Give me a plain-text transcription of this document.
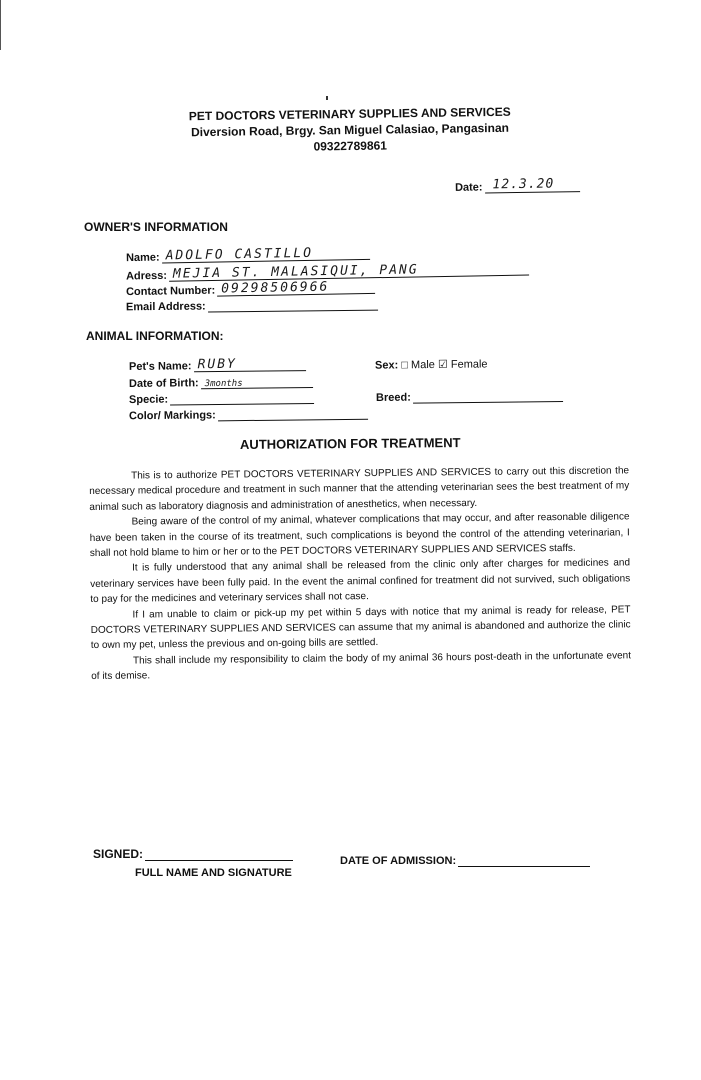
PET DOCTORS VETERINARY SUPPLIES AND SERVICES
Diversion Road, Brgy. San Miguel Calasiao, Pangasinan
09322789861
Date: 12.3.20
OWNER'S INFORMATION
Name: ADOLFO CASTILLO
Adress: MEJIA ST. MALASIQUI, PANG
Contact Number: 09298506966
Email Address:
ANIMAL INFORMATION:
Pet's Name: RUBY
Date of Birth: 3months
Specie:
Color/ Markings:
Sex: □ Male ☑ Female
Breed:
AUTHORIZATION FOR TREATMENT

This is to authorize PET DOCTORS VETERINARY SUPPLIES AND SERVICES to carry out this discretion the necessary medical procedure and treatment in such manner that the attending veterinarian sees the best treatment of my animal such as laboratory diagnosis and administration of anesthetics, when necessary.

Being aware of the control of my animal, whatever complications that may occur, and after reasonable diligence have been taken in the course of its treatment, such complications is beyond the control of the attending veterinarian, I shall not hold blame to him or her or to the PET DOCTORS VETERINARY SUPPLIES AND SERVICES staffs.

It is fully understood that any animal shall be released from the clinic only after charges for medicines and veterinary services have been fully paid. In the event the animal confined for treatment did not survived, such obligations to pay for the medicines and veterinary services shall not case.

If I am unable to claim or pick-up my pet within 5 days with notice that my animal is ready for release, PET DOCTORS VETERINARY SUPPLIES AND SERVICES can assume that my animal is abandoned and authorize the clinic to own my pet, unless the previous and on-going bills are settled.

This shall include my responsibility to claim the body of my animal 36 hours post-death in the unfortunate event of its demise.

SIGNED:
FULL NAME AND SIGNATURE
DATE OF ADMISSION:
